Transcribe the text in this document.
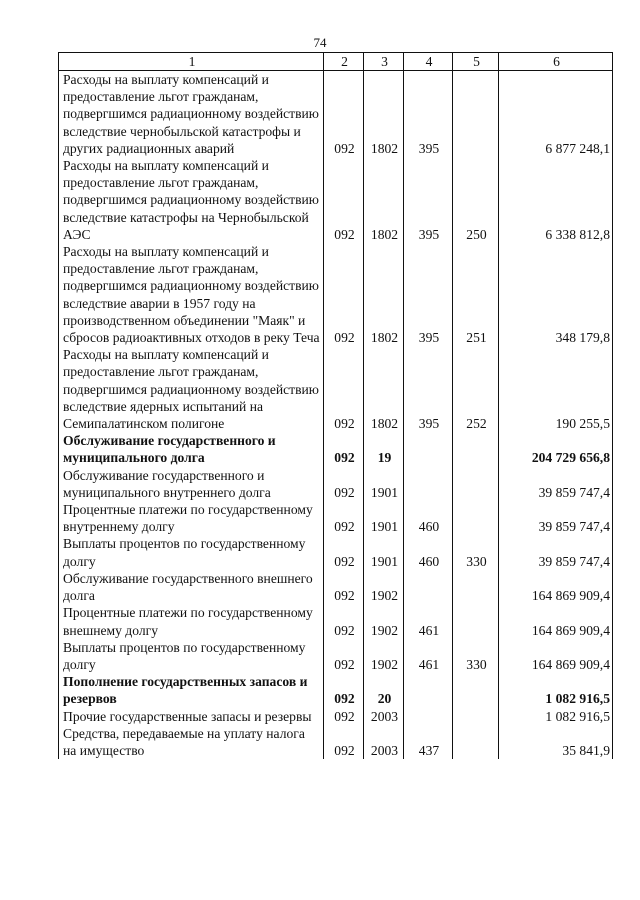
74
1	2	3	4	5	6
Расходы на выплату компенсаций и предоставление льгот гражданам, подвергшимся радиационному воздействию вследствие чернобыльской катастрофы и других радиационных аварий	092	1802	395		6 877 248,1
Расходы на выплату компенсаций и предоставление льгот гражданам, подвергшимся радиационному воздействию вследствие катастрофы на Чернобыльской АЭС	092	1802	395	250	6 338 812,8
Расходы на выплату компенсаций и предоставление льгот гражданам, подвергшимся радиационному воздействию вследствие аварии в 1957 году на производственном объединении "Маяк" и сбросов радиоактивных отходов в реку Теча	092	1802	395	251	348 179,8
Расходы на выплату компенсаций и предоставление льгот гражданам, подвергшимся радиационному воздействию вследствие ядерных испытаний на Семипалатинском полигоне	092	1802	395	252	190 255,5
Обслуживание государственного и муниципального долга	092	19			204 729 656,8
Обслуживание государственного и муниципального внутреннего долга	092	1901			39 859 747,4
Процентные платежи по государственному внутреннему долгу	092	1901	460		39 859 747,4
Выплаты процентов по государственному долгу	092	1901	460	330	39 859 747,4
Обслуживание государственного внешнего долга	092	1902			164 869 909,4
Процентные платежи по государственному внешнему долгу	092	1902	461		164 869 909,4
Выплаты процентов по государственному долгу	092	1902	461	330	164 869 909,4
Пополнение государственных запасов и резервов	092	20			1 082 916,5
Прочие государственные запасы и резервы	092	2003			1 082 916,5
Средства, передаваемые на уплату налога на имущество	092	2003	437		35 841,9
